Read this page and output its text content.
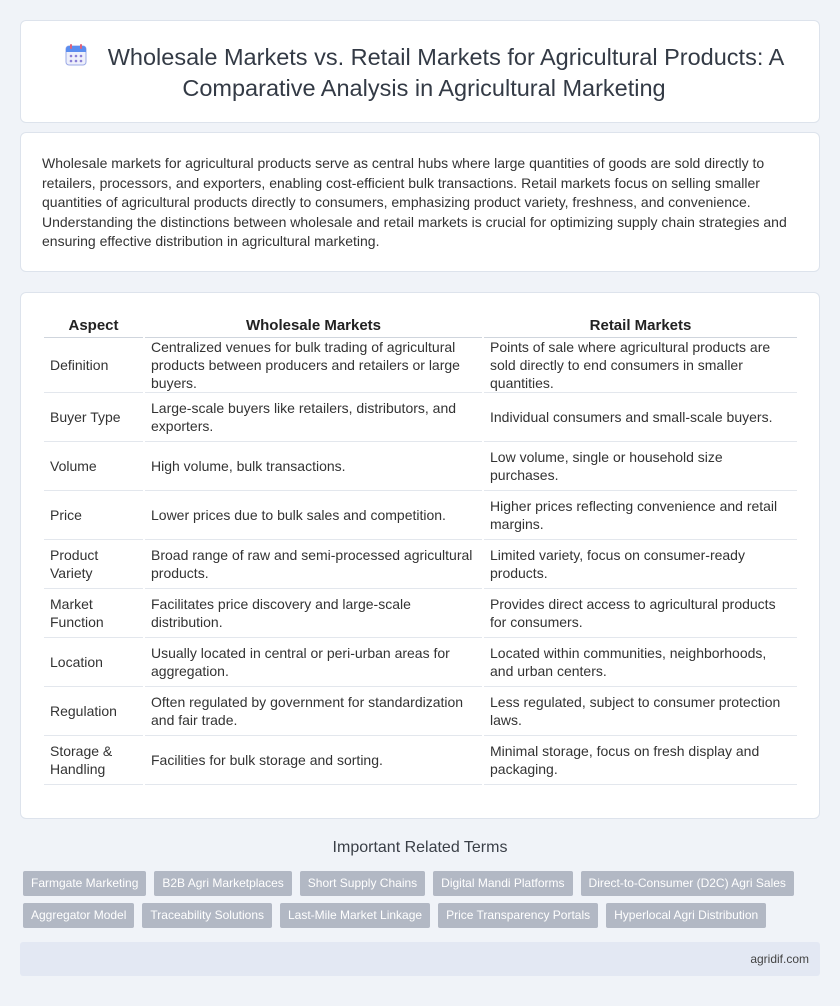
Wholesale Markets vs. Retail Markets for Agricultural Products: A Comparative Analysis in Agricultural Marketing

Wholesale markets for agricultural products serve as central hubs where large quantities of goods are sold directly to retailers, processors, and exporters, enabling cost-efficient bulk transactions. Retail markets focus on selling smaller quantities of agricultural products directly to consumers, emphasizing product variety, freshness, and convenience. Understanding the distinctions between wholesale and retail markets is crucial for optimizing supply chain strategies and ensuring effective distribution in agricultural marketing.

Aspect	Wholesale Markets	Retail Markets
Definition	Centralized venues for bulk trading of agricultural products between producers and retailers or large buyers.	Points of sale where agricultural products are sold directly to end consumers in smaller quantities.
Buyer Type	Large-scale buyers like retailers, distributors, and exporters.	Individual consumers and small-scale buyers.
Volume	High volume, bulk transactions.	Low volume, single or household size purchases.
Price	Lower prices due to bulk sales and competition.	Higher prices reflecting convenience and retail margins.
Product Variety	Broad range of raw and semi-processed agricultural products.	Limited variety, focus on consumer-ready products.
Market Function	Facilitates price discovery and large-scale distribution.	Provides direct access to agricultural products for consumers.
Location	Usually located in central or peri-urban areas for aggregation.	Located within communities, neighborhoods, and urban centers.
Regulation	Often regulated by government for standardization and fair trade.	Less regulated, subject to consumer protection laws.
Storage & Handling	Facilities for bulk storage and sorting.	Minimal storage, focus on fresh display and packaging.
Important Related Terms
Farmgate Marketing	B2B Agri Marketplaces	Short Supply Chains	Digital Mandi Platforms	Direct-to-Consumer (D2C) Agri Sales
Aggregator Model	Traceability Solutions	Last-Mile Market Linkage	Price Transparency Portals	Hyperlocal Agri Distribution
agridif.com
